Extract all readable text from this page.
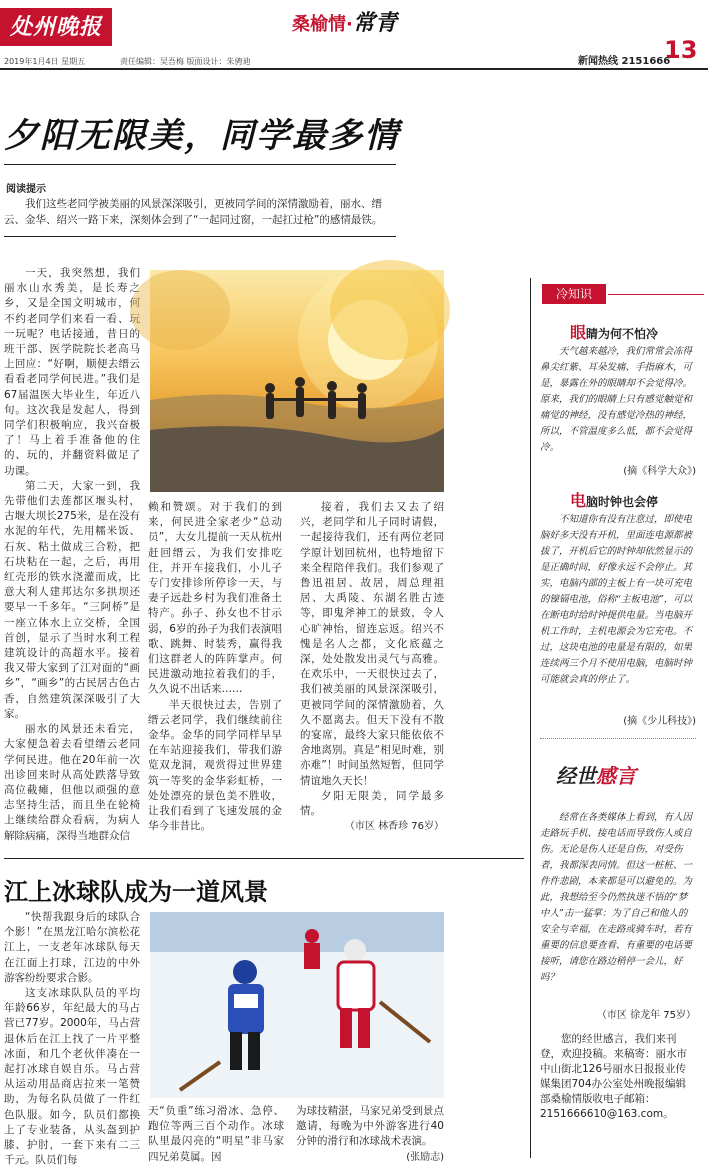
处州晚报	桑榆情·常青
13
新闻热线 2151666
2019年1月4日 星期五	责任编辑：吴吾梅 版面设计：朱骋迪
夕阳无限美，同学最多情
阅读提示
我们这些老同学被美丽的风景深深吸引，更被同学间的深情激励着，丽水、缙云、金华、绍兴一路下来，深刻体会到了“一起同过窗，一起扛过枪”的感情最铁。

一天，我突然想，我们丽水山水秀美，是长寿之乡，又是全国文明城市，何不约老同学们来看一看、玩一玩呢？电话接通，昔日的班干部、医学院院长老高马上回应：“好啊，顺便去缙云看看老同学何民进。”我们是67届温医大毕业生，年近八旬。这次我是发起人，得到同学们积极响应，我兴奋极了！马上着手准备他的住的、玩的，并翻资料做足了功课。

第二天，大家一到，我先带他们去莲都区堰头村，古堰大坝长275米，是在没有水泥的年代，先用糯米饭、石灰、粘土做成三合粉，把石块粘在一起，之后，再用红壳形的铁水浇灌而成，比意大利人建邦达尔多拱坝还要早一千多年。“三阿桥”是一座立体水上立交桥，全国首创，显示了当时水利工程建筑设计的高超水平。接着我又带大家到了江对面的“画乡”，“画乡”的古民居古色古香，自然建筑深深吸引了大家。

丽水的风景还未看完，大家便急着去看望缙云老同学何民进。他在20年前一次出诊回来时从高处跌落导致高位截瘫，但他以顽强的意志坚持生活，而且坐在轮椅上继续给群众看病，为病人解除病痛，深得当地群众信

赖和赞颂。对于我们的到来，何民进全家老少“总动员”，大女儿提前一天从杭州赶回缙云，为我们安排吃住，并开车接我们，小儿子专门安排诊所停诊一天，与妻子远赴乡村为我们准备土特产。孙子、孙女也不甘示弱，6岁的孙子为我们表演唱歌、跳舞、时装秀，赢得我们这群老人的阵阵掌声。何民进激动地拉着我们的手，久久说不出话来……

半天很快过去，告别了缙云老同学，我们继续前往金华。金华的同学同样早早在车站迎接我们，带我们游览双龙洞，观赏得过世界建筑一等奖的金华彩虹桥，一处处漂亮的景色美不胜收，让我们看到了飞速发展的金华今非昔比。

接着，我们去又去了绍兴，老同学和儿子同时请假，一起接待我们，还有两位老同学原计划回杭州，也特地留下来全程陪伴我们。我们参观了鲁迅祖居、故居，周总理祖居、大禹陵、东湖名胜古迹等，即鬼斧神工的景致，令人心旷神怡，留连忘返。绍兴不愧是名人之都，文化底蕴之深，处处散发出灵气与高雅。在欢乐中，一天很快过去了，我们被美丽的风景深深吸引，更被同学间的深情激励着，久久不愿离去。但天下没有不散的宴席，最终大家只能依依不舍地离别。真是“相见时难，别亦难”！时间虽然短暂，但同学情谊地久天长！

夕阳无限美，同学最多情。

（市区 林香珍 76岁）
冷知识
眼睛为何不怕冷
天气越来越冷，我们常常会冻得鼻尖红紫、耳朵发痛、手指麻木，可是，暴露在外的眼睛却不会觉得冷。原来，我们的眼睛上只有感觉触觉和痛觉的神经，没有感觉冷热的神经，所以，不管温度多么低，都不会觉得冷。
(摘《科学大众》)
电脑时钟也会停
不知道你有没有注意过，即使电脑好多天没有开机，里面连电源都被拔了，开机后它的时钟却依然显示的是正确时间，好像永远不会停止。其实，电脑内部的主板上有一块可充电的镍镉电池，俗称“主板电池”，可以在断电时给时钟提供电量。当电脑开机工作时，主机电源会为它充电。不过，这块电池的电量是有限的，如果连续两三个月不使用电脑，电脑时钟可能就会真的停止了。
(摘《少儿科技》)
经世感言
经常在各类媒体上看到，有人因走路玩手机、接电话而导致伤人或自伤。无论是伤人还是自伤，对受伤者，我都深表同情。但这一桩桩、一件件悲剧，本来都是可以避免的。为此，我想给至今仍然执迷不悟的“梦中人”击一猛掌：为了自己和他人的安全与幸福，在走路或骑车时，若有重要的信息要查看、有重要的电话要接听，请您在路边稍停一会儿，好吗？
（市区 徐龙年 75岁）
您的经世感言，我们来刊登，欢迎投稿。来稿寄：丽水市中山街北126号丽水日报报业传媒集团704办公室处州晚报编辑部桑榆情版收电子邮箱：2151666610@163.com。
江上冰球队成为一道风景

“快帮我跟身后的球队合个影！”在黑龙江哈尔滨松花江上，一支老年冰球队每天在江面上打球，江边的中外游客纷纷要求合影。

这支冰球队队员的平均年龄66岁，年纪最大的马占营已77岁。2000年，马占营退休后在江上找了一片平整冰面，和几个老伙伴凑在一起打冰球自娱自乐。马占营从运动用品商店拉来一笔赞助，为每名队员做了一件红色队服。如今，队员们都换上了专业装备，从头盔到护膝、护肘，一套下来有二三千元。队员们每

天“负重”练习滑冰、急停、跑位等两三百个动作。冰球队里最闪亮的“明星”非马家四兄弟莫属。因

为球技精湛，马家兄弟受到景点邀请，每晚为中外游客进行40分钟的滑行和冰球战术表演。

(张励志)
